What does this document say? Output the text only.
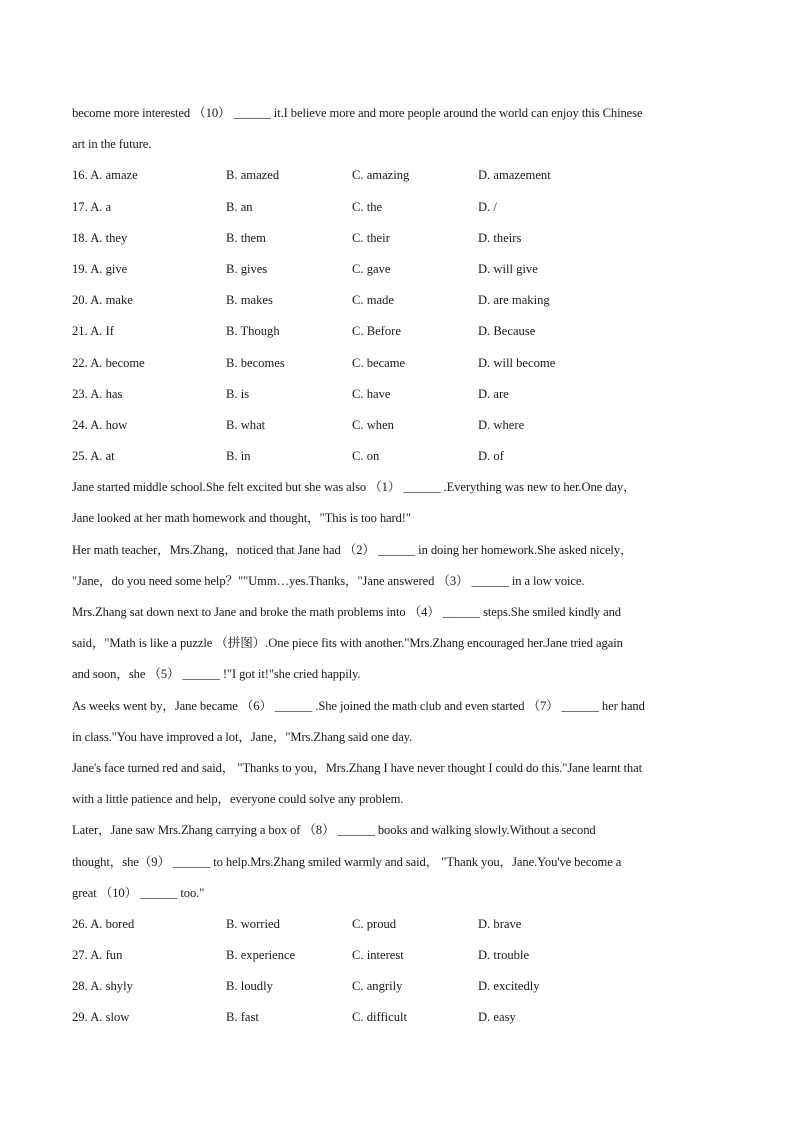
become more interested （10） ______ it.I believe more and more people around the world can enjoy this Chinese
art in the future.
16. A. amaze	B. amazed	C. amazing	D. amazement
17. A. a	B. an	C. the	D. /
18. A. they	B. them	C. their	D. theirs
19. A. give	B. gives	C. gave	D. will give
20. A. make	B. makes	C. made	D. are making
21. A. If	B. Though	C. Before	D. Because
22. A. become	B. becomes	C. became	D. will become
23. A. has	B. is	C. have	D. are
24. A. how	B. what	C. when	D. where
25. A. at	B. in	C. on	D. of
Jane started middle school.She felt excited but she was also （1） ______ .Everything was new to her.One day，
Jane looked at her math homework and thought，"This is too hard!"
Her math teacher，Mrs.Zhang，noticed that Jane had （2） ______ in doing her homework.She asked nicely，
"Jane，do you need some help？""Umm…yes.Thanks，"Jane answered （3） ______ in a low voice.
Mrs.Zhang sat down next to Jane and broke the math problems into （4） ______ steps.She smiled kindly and
said，"Math is like a puzzle （拼图）.One piece fits with another."Mrs.Zhang encouraged her.Jane tried again
and soon，she （5） ______ !"I got it!"she cried happily.
As weeks went by，Jane became （6） ______ .She joined the math club and even started （7） ______ her hand
in class."You have improved a lot，Jane，"Mrs.Zhang said one day.
Jane's face turned red and said， "Thanks to you，Mrs.Zhang I have never thought I could do this."Jane learnt that
with a little patience and help，everyone could solve any problem.
Later，Jane saw Mrs.Zhang carrying a box of （8） ______ books and walking slowly.Without a second
thought，she（9） ______ to help.Mrs.Zhang smiled warmly and said， "Thank you，Jane.You've become a
great （10） ______ too."
26. A. bored	B. worried	C. proud	D. brave
27. A. fun	B. experience	C. interest	D. trouble
28. A. shyly	B. loudly	C. angrily	D. excitedly
29. A. slow	B. fast	C. difficult	D. easy
